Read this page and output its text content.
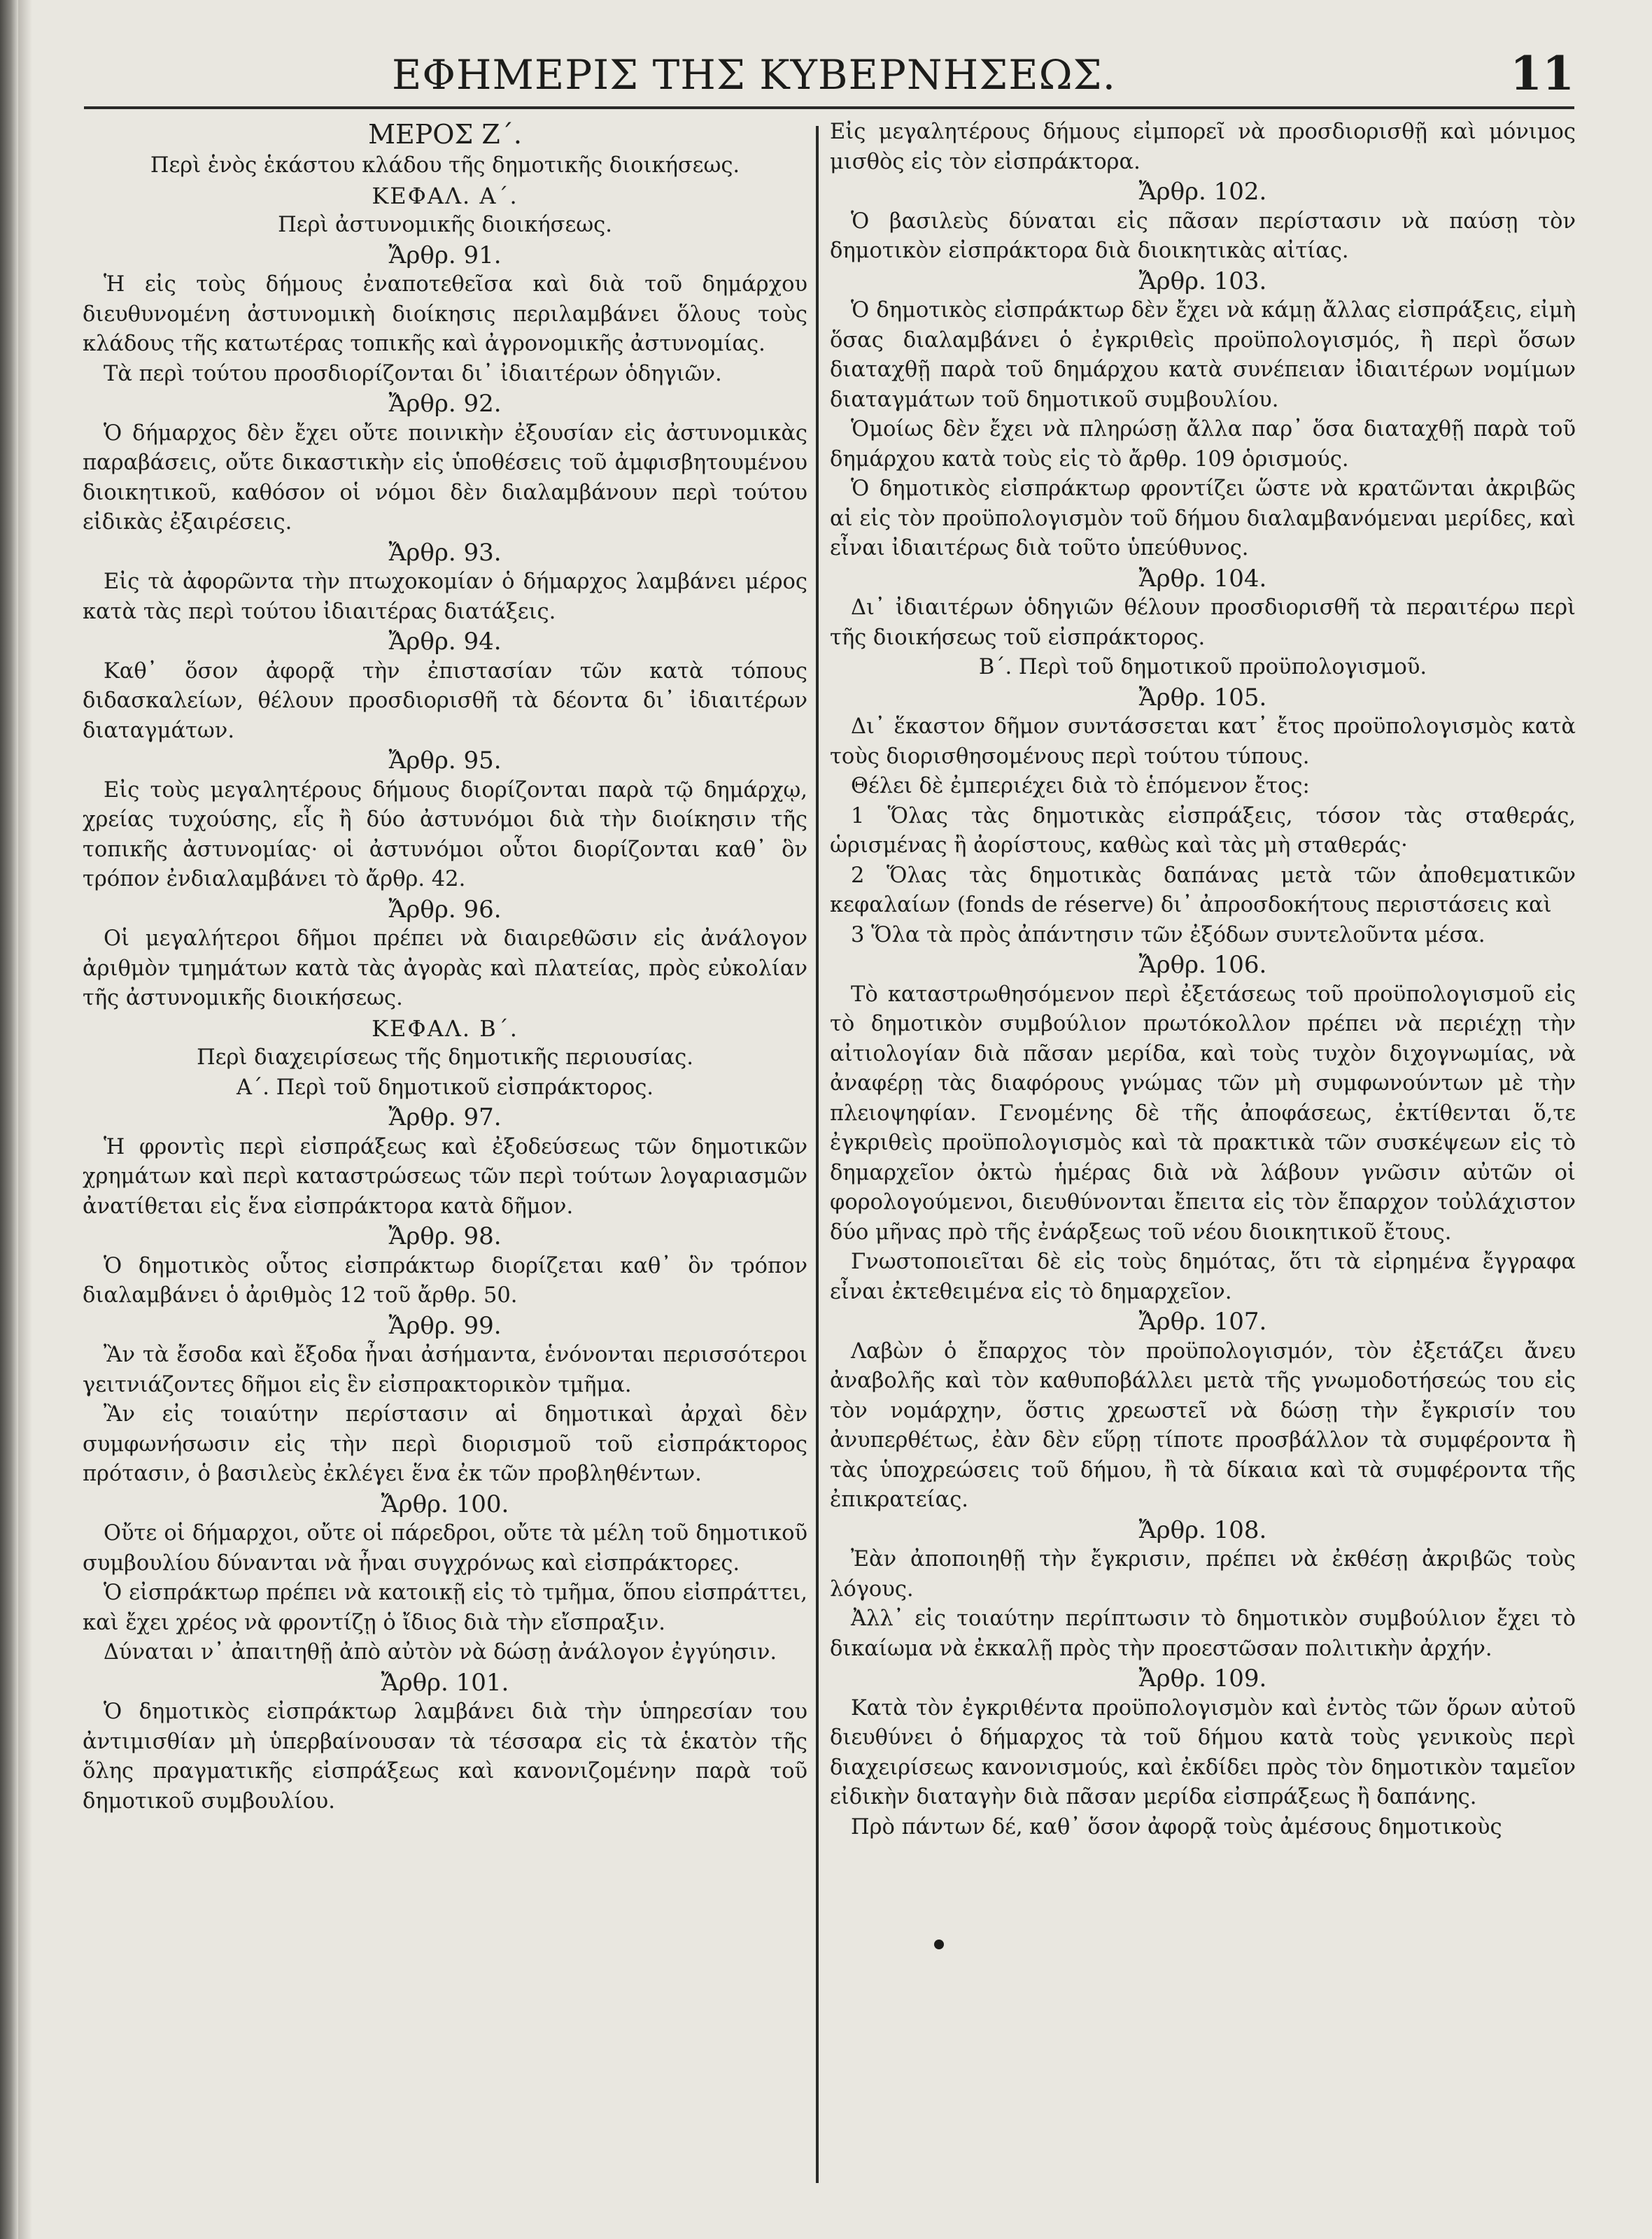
ΕΦΗΜΕΡΙΣ ΤΗΣ ΚΥΒΕΡΝΗΣΕΩΣ.	11

ΜΕΡΟΣ Ζ΄.

Περὶ ἑνὸς ἑκάστου κλάδου τῆς δημοτικῆς διοικήσεως.

ΚΕΦΑΛ. Α΄.

Περὶ ἀστυνομικῆς διοικήσεως.

Ἄρθρ. 91.

Ἡ εἰς τοὺς δήμους ἐναποτεθεῖσα καὶ διὰ τοῦ δημάρχου διευθυνομένη ἀστυνομικὴ διοίκησις περιλαμβάνει ὅλους τοὺς κλάδους τῆς κατωτέρας τοπικῆς καὶ ἀγρονομικῆς ἀστυνομίας.

Τὰ περὶ τούτου προσδιορίζονται δι᾽ ἰδιαιτέρων ὁδηγιῶν.

Ἄρθρ. 92.

Ὁ δήμαρχος δὲν ἔχει οὔτε ποινικὴν ἐξουσίαν εἰς ἀστυνομικὰς παραβάσεις, οὔτε δικαστικὴν εἰς ὑποθέσεις τοῦ ἀμφισβητουμένου διοικητικοῦ, καθόσον οἱ νόμοι δὲν διαλαμβάνουν περὶ τούτου εἰδικὰς ἐξαιρέσεις.

Ἄρθρ. 93.

Εἰς τὰ ἀφορῶντα τὴν πτωχοκομίαν ὁ δήμαρχος λαμβάνει μέρος κατὰ τὰς περὶ τούτου ἰδιαιτέρας διατάξεις.

Ἄρθρ. 94.

Καθ᾽ ὅσον ἀφορᾷ τὴν ἐπιστασίαν τῶν κατὰ τόπους διδασκαλείων, θέλουν προσδιορισθῆ τὰ δέοντα δι᾽ ἰδιαιτέρων διαταγμάτων.

Ἄρθρ. 95.

Εἰς τοὺς μεγαλητέρους δήμους διορίζονται παρὰ τῷ δημάρχῳ, χρείας τυχούσης, εἷς ἢ δύο ἀστυνόμοι διὰ τὴν διοίκησιν τῆς τοπικῆς ἀστυνομίας· οἱ ἀστυνόμοι οὗτοι διορίζονται καθ᾽ ὃν τρόπον ἐνδιαλαμβάνει τὸ ἄρθρ. 42.

Ἄρθρ. 96.

Οἱ μεγαλήτεροι δῆμοι πρέπει νὰ διαιρεθῶσιν εἰς ἀνάλογον ἀριθμὸν τμημάτων κατὰ τὰς ἀγορὰς καὶ πλατείας, πρὸς εὐκολίαν τῆς ἀστυνομικῆς διοικήσεως.

ΚΕΦΑΛ. Β΄.

Περὶ διαχειρίσεως τῆς δημοτικῆς περιουσίας.

Α΄. Περὶ τοῦ δημοτικοῦ εἰσπράκτορος.

Ἄρθρ. 97.

Ἡ φροντὶς περὶ εἰσπράξεως καὶ ἐξοδεύσεως τῶν δημοτικῶν χρημάτων καὶ περὶ καταστρώσεως τῶν περὶ τούτων λογαριασμῶν ἀνατίθεται εἰς ἕνα εἰσπράκτορα κατὰ δῆμον.

Ἄρθρ. 98.

Ὁ δημοτικὸς οὗτος εἰσπράκτωρ διορίζεται καθ᾽ ὃν τρόπον διαλαμβάνει ὁ ἀριθμὸς 12 τοῦ ἄρθρ. 50.

Ἄρθρ. 99.

Ἂν τὰ ἔσοδα καὶ ἔξοδα ἦναι ἀσήμαντα, ἑνόνονται περισσότεροι γειτνιάζοντες δῆμοι εἰς ἓν εἰσπρακτορικὸν τμῆμα.

Ἂν εἰς τοιαύτην περίστασιν αἱ δημοτικαὶ ἀρχαὶ δὲν συμφωνήσωσιν εἰς τὴν περὶ διορισμοῦ τοῦ εἰσπράκτορος πρότασιν, ὁ βασιλεὺς ἐκλέγει ἕνα ἐκ τῶν προβληθέντων.

Ἄρθρ. 100.

Οὔτε οἱ δήμαρχοι, οὔτε οἱ πάρεδροι, οὔτε τὰ μέλη τοῦ δημοτικοῦ συμβουλίου δύνανται νὰ ἦναι συγχρόνως καὶ εἰσπράκτορες.

Ὁ εἰσπράκτωρ πρέπει νὰ κατοικῇ εἰς τὸ τμῆμα, ὅπου εἰσπράττει, καὶ ἔχει χρέος νὰ φροντίζῃ ὁ ἴδιος διὰ τὴν εἴσπραξιν.

Δύναται ν᾽ ἀπαιτηθῇ ἀπὸ αὐτὸν νὰ δώσῃ ἀνάλογον ἐγγύησιν.

Ἄρθρ. 101.

Ὁ δημοτικὸς εἰσπράκτωρ λαμβάνει διὰ τὴν ὑπηρεσίαν του ἀντιμισθίαν μὴ ὑπερβαίνουσαν τὰ τέσσαρα εἰς τὰ ἑκατὸν τῆς ὅλης πραγματικῆς εἰσπράξεως καὶ κανονιζομένην παρὰ τοῦ δημοτικοῦ συμβουλίου.

Εἰς μεγαλητέρους δήμους εἰμπορεῖ νὰ προσδιορισθῇ καὶ μόνιμος μισθὸς εἰς τὸν εἰσπράκτορα.

Ἄρθρ. 102.

Ὁ βασιλεὺς δύναται εἰς πᾶσαν περίστασιν νὰ παύσῃ τὸν δημοτικὸν εἰσπράκτορα διὰ διοικητικὰς αἰτίας.

Ἄρθρ. 103.

Ὁ δημοτικὸς εἰσπράκτωρ δὲν ἔχει νὰ κάμῃ ἄλλας εἰσπράξεις, εἰμὴ ὅσας διαλαμβάνει ὁ ἐγκριθεὶς προϋπολογισμός, ἢ περὶ ὅσων διαταχθῇ παρὰ τοῦ δημάρχου κατὰ συνέπειαν ἰδιαιτέρων νομίμων διαταγμάτων τοῦ δημοτικοῦ συμβουλίου.

Ὁμοίως δὲν ἔχει νὰ πληρώσῃ ἄλλα παρ᾽ ὅσα διαταχθῇ παρὰ τοῦ δημάρχου κατὰ τοὺς εἰς τὸ ἄρθρ. 109 ὁρισμούς.

Ὁ δημοτικὸς εἰσπράκτωρ φροντίζει ὥστε νὰ κρατῶνται ἀκριβῶς αἱ εἰς τὸν προϋπολογισμὸν τοῦ δήμου διαλαμβανόμεναι μερίδες, καὶ εἶναι ἰδιαιτέρως διὰ τοῦτο ὑπεύθυνος.

Ἄρθρ. 104.

Δι᾽ ἰδιαιτέρων ὁδηγιῶν θέλουν προσδιορισθῆ τὰ περαιτέρω περὶ τῆς διοικήσεως τοῦ εἰσπράκτορος.

Β΄. Περὶ τοῦ δημοτικοῦ προϋπολογισμοῦ.

Ἄρθρ. 105.

Δι᾽ ἕκαστον δῆμον συντάσσεται κατ᾽ ἔτος προϋπολογισμὸς κατὰ τοὺς διορισθησομένους περὶ τούτου τύπους.

Θέλει δὲ ἐμπεριέχει διὰ τὸ ἑπόμενον ἔτος:

1 Ὅλας τὰς δημοτικὰς εἰσπράξεις, τόσον τὰς σταθεράς, ὡρισμένας ἢ ἀορίστους, καθὼς καὶ τὰς μὴ σταθεράς·

2 Ὅλας τὰς δημοτικὰς δαπάνας μετὰ τῶν ἀποθεματικῶν κεφαλαίων (fonds de réserve) δι᾽ ἀπροσδοκήτους περιστάσεις καὶ

3 Ὅλα τὰ πρὸς ἀπάντησιν τῶν ἐξόδων συντελοῦντα μέσα.

Ἄρθρ. 106.

Τὸ καταστρωθησόμενον περὶ ἐξετάσεως τοῦ προϋπολογισμοῦ εἰς τὸ δημοτικὸν συμβούλιον πρωτόκολλον πρέπει νὰ περιέχῃ τὴν αἰτιολογίαν διὰ πᾶσαν μερίδα, καὶ τοὺς τυχὸν διχογνωμίας, νὰ ἀναφέρῃ τὰς διαφόρους γνώμας τῶν μὴ συμφωνούντων μὲ τὴν πλειοψηφίαν. Γενομένης δὲ τῆς ἀποφάσεως, ἐκτίθενται ὅ,τε ἐγκριθεὶς προϋπολογισμὸς καὶ τὰ πρακτικὰ τῶν συσκέψεων εἰς τὸ δημαρχεῖον ὀκτὼ ἡμέρας διὰ νὰ λάβουν γνῶσιν αὐτῶν οἱ φορολογούμενοι, διευθύνονται ἔπειτα εἰς τὸν ἔπαρχον τοὐλάχιστον δύο μῆνας πρὸ τῆς ἐνάρξεως τοῦ νέου διοικητικοῦ ἔτους.

Γνωστοποιεῖται δὲ εἰς τοὺς δημότας, ὅτι τὰ εἰρημένα ἔγγραφα εἶναι ἐκτεθειμένα εἰς τὸ δημαρχεῖον.

Ἄρθρ. 107.

Λαβὼν ὁ ἔπαρχος τὸν προϋπολογισμόν, τὸν ἐξετάζει ἄνευ ἀναβολῆς καὶ τὸν καθυποβάλλει μετὰ τῆς γνωμοδοτήσεώς του εἰς τὸν νομάρχην, ὅστις χρεωστεῖ νὰ δώσῃ τὴν ἔγκρισίν του ἀνυπερθέτως, ἐὰν δὲν εὕρῃ τίποτε προσβάλλον τὰ συμφέροντα ἢ τὰς ὑποχρεώσεις τοῦ δήμου, ἢ τὰ δίκαια καὶ τὰ συμφέροντα τῆς ἐπικρατείας.

Ἄρθρ. 108.

Ἐὰν ἀποποιηθῇ τὴν ἔγκρισιν, πρέπει νὰ ἐκθέσῃ ἀκριβῶς τοὺς λόγους.

Ἀλλ᾽ εἰς τοιαύτην περίπτωσιν τὸ δημοτικὸν συμβούλιον ἔχει τὸ δικαίωμα νὰ ἐκκαλῇ πρὸς τὴν προεστῶσαν πολιτικὴν ἀρχήν.

Ἄρθρ. 109.

Κατὰ τὸν ἐγκριθέντα προϋπολογισμὸν καὶ ἐντὸς τῶν ὅρων αὐτοῦ διευθύνει ὁ δήμαρχος τὰ τοῦ δήμου κατὰ τοὺς γενικοὺς περὶ διαχειρίσεως κανονισμούς, καὶ ἐκδίδει πρὸς τὸν δημοτικὸν ταμεῖον εἰδικὴν διαταγὴν διὰ πᾶσαν μερίδα εἰσπράξεως ἢ δαπάνης.

Πρὸ πάντων δέ, καθ᾽ ὅσον ἀφορᾷ τοὺς ἀμέσους δημοτικοὺς
